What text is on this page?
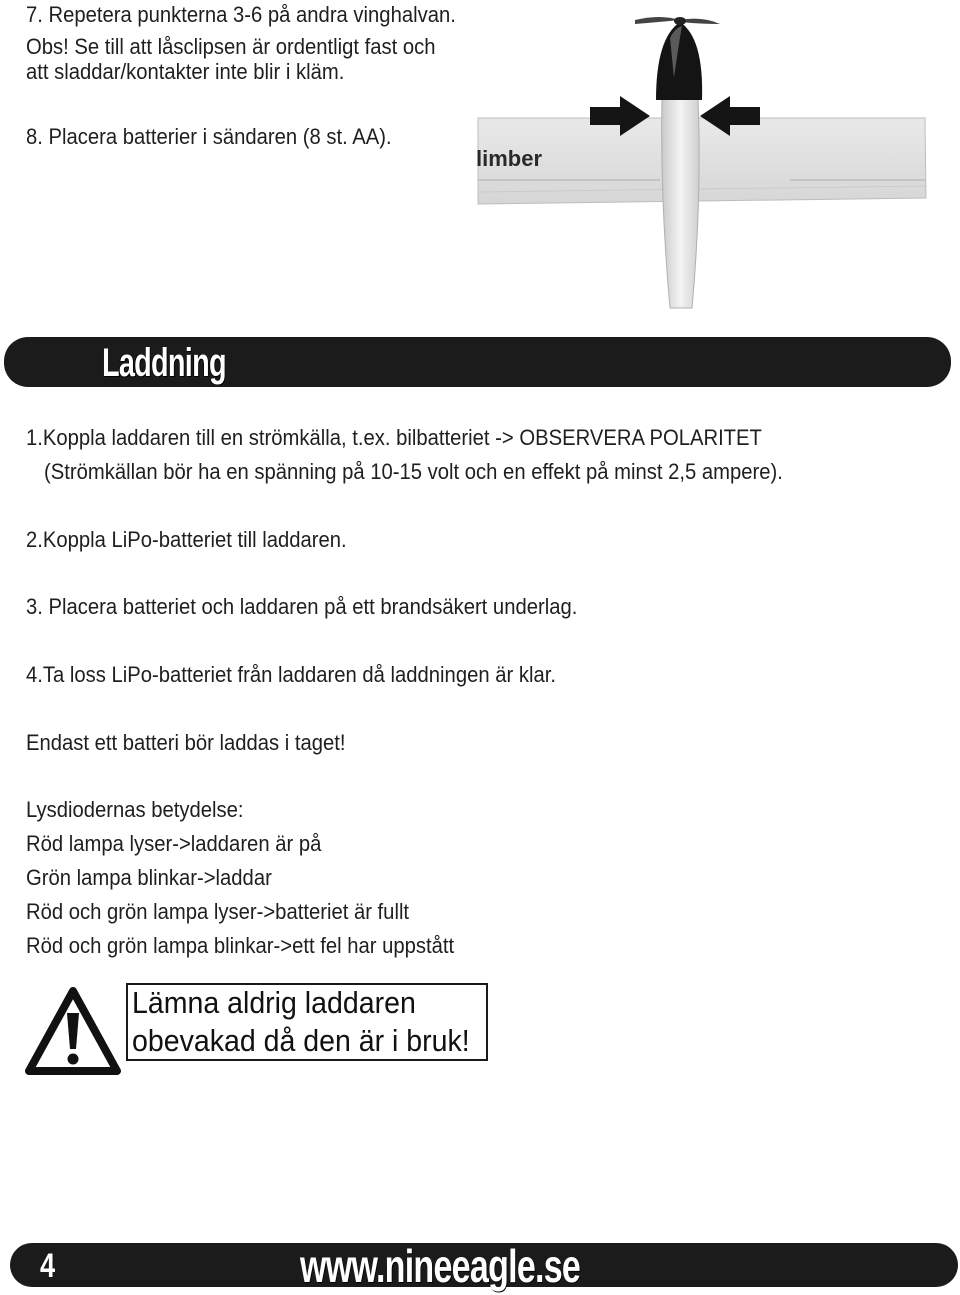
7. Repetera punkterna 3-6 på andra vinghalvan.
Obs! Se till att låsclipsen är ordentligt fast och
att sladdar/kontakter inte blir i kläm.
8. Placera batterier i sändaren (8 st. AA).
limber
Laddning
1.Koppla laddaren till en strömkälla, t.ex. bilbatteriet -> OBSERVERA POLARITET
(Strömkällan bör ha en spänning på 10-15 volt och en effekt på minst 2,5 ampere).
2.Koppla LiPo-batteriet till laddaren.
3. Placera batteriet och laddaren på ett brandsäkert underlag.
4.Ta loss LiPo-batteriet från laddaren då laddningen är klar.
Endast ett batteri bör laddas i taget!
Lysdiodernas betydelse:
Röd lampa lyser->laddaren är på
Grön lampa blinkar->laddar
Röd och grön lampa lyser->batteriet är fullt
Röd och grön lampa blinkar->ett fel har uppstått
Lämna aldrig laddaren
obevakad då den är i bruk!
4	www.nineeagle.se
